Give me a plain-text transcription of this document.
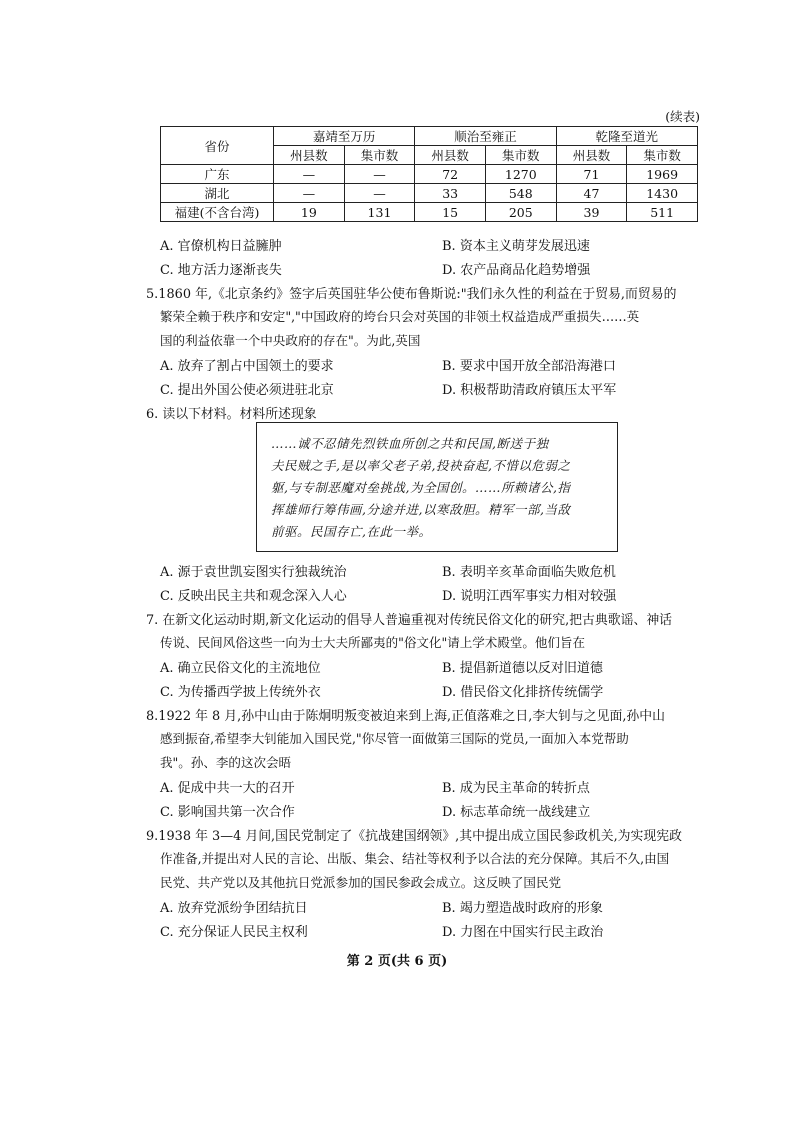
(续表)
省份	嘉靖至万历		顺治至雍正		乾隆至道光	
	州县数	集市数	州县数	集市数	州县数	集市数
广东	—	—	72	1270	71	1969
湖北	—	—	33	548	47	1430
福建(不含台湾)	19	131	15	205	39	511
A. 官僚机构日益臃肿	B. 资本主义萌芽发展迅速
C. 地方活力逐渐丧失	D. 农产品商品化趋势增强
5.1860 年,《北京条约》签字后英国驻华公使布鲁斯说:"我们永久性的利益在于贸易,而贸易的
繁荣全赖于秩序和安定","中国政府的垮台只会对英国的非领土权益造成严重损失……英
国的利益依靠一个中央政府的存在"。为此,英国
A. 放弃了割占中国领土的要求	B. 要求中国开放全部沿海港口
C. 提出外国公使必须进驻北京	D. 积极帮助清政府镇压太平军
6. 读以下材料。材料所述现象
……诚不忍储先烈铁血所创之共和民国,断送于独
夫民贼之手,是以率父老子弟,投袂奋起,不惜以危弱之
躯,与专制恶魔对垒挑战,为全国创。……所赖诸公,指
挥雄师行筹伟画,分途并进,以寒敌胆。精军一部,当敌
前驱。民国存亡,在此一举。
A. 源于袁世凯妄图实行独裁统治	B. 表明辛亥革命面临失败危机
C. 反映出民主共和观念深入人心	D. 说明江西军事实力相对较强
7. 在新文化运动时期,新文化运动的倡导人普遍重视对传统民俗文化的研究,把古典歌谣、神话
传说、民间风俗这些一向为士大夫所鄙夷的"俗文化"请上学术殿堂。他们旨在
A. 确立民俗文化的主流地位	B. 提倡新道德以反对旧道德
C. 为传播西学披上传统外衣	D. 借民俗文化排挤传统儒学
8.1922 年 8 月,孙中山由于陈炯明叛变被迫来到上海,正值落难之日,李大钊与之见面,孙中山
感到振奋,希望李大钊能加入国民党,"你尽管一面做第三国际的党员,一面加入本党帮助
我"。孙、李的这次会晤
A. 促成中共一大的召开	B. 成为民主革命的转折点
C. 影响国共第一次合作	D. 标志革命统一战线建立
9.1938 年 3—4 月间,国民党制定了《抗战建国纲领》,其中提出成立国民参政机关,为实现宪政
作准备,并提出对人民的言论、出版、集会、结社等权利予以合法的充分保障。其后不久,由国
民党、共产党以及其他抗日党派参加的国民参政会成立。这反映了国民党
A. 放弃党派纷争团结抗日	B. 竭力塑造战时政府的形象
C. 充分保证人民民主权利	D. 力图在中国实行民主政治
第 2 页(共 6 页)
